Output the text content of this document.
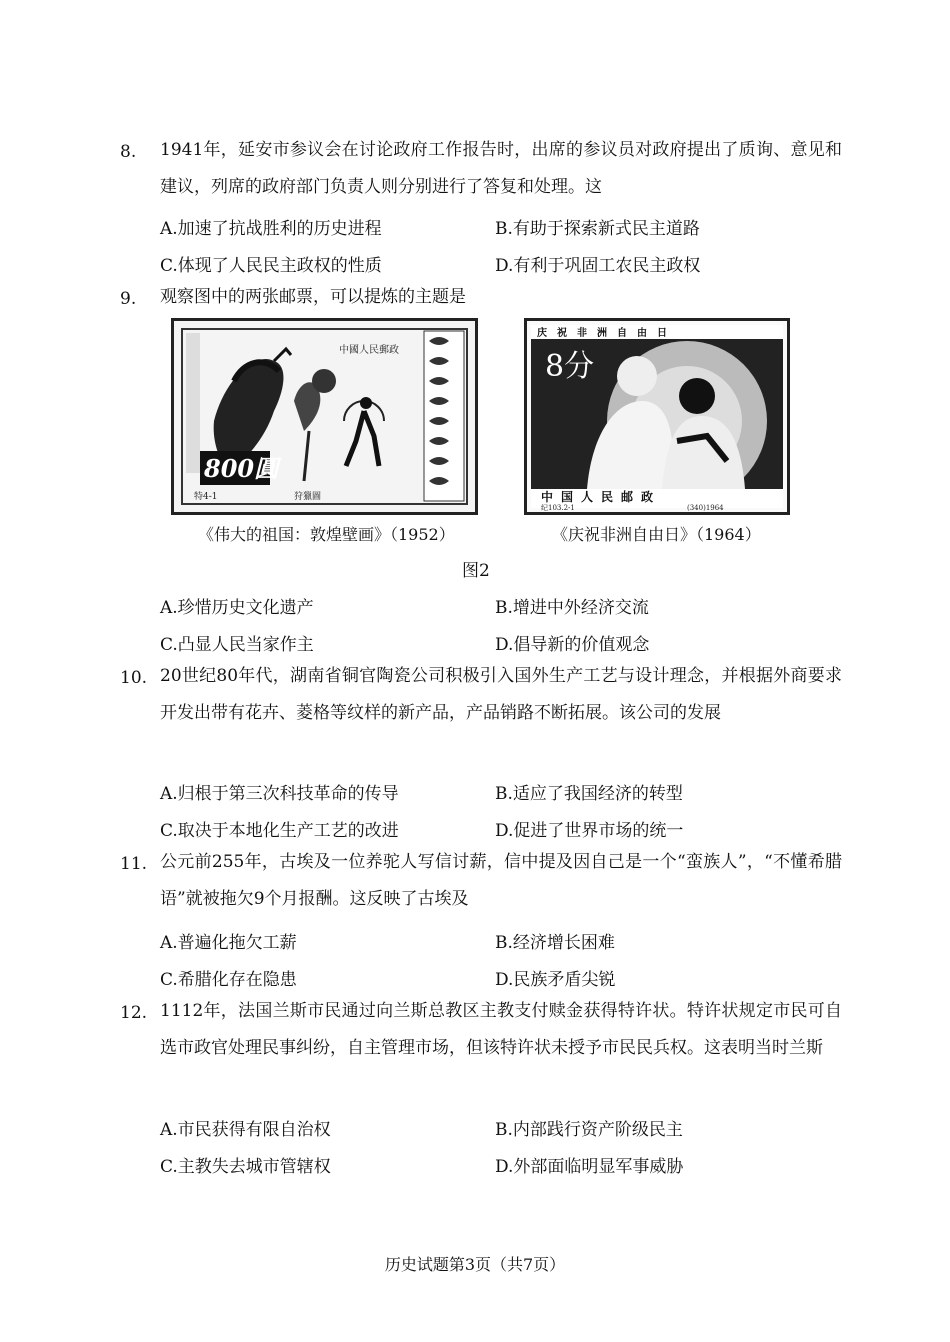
8. 1941年，延安市参议会在讨论政府工作报告时，出席的参议员对政府提出了质询、意见和建议，列席的政府部门负责人则分别进行了答复和处理。这
A.加速了抗战胜利的历史进程	B.有助于探索新式民主道路
C.体现了人民民主政权的性质	D.有利于巩固工农民主政权
9. 观察图中的两张邮票，可以提炼的主题是
中國人民郵政
800圓
特4-1	狩獵圖
庆祝非洲自由日
8分
中国人民邮政
纪103.2-1	(340)1964
《伟大的祖国：敦煌壁画》（1952）	《庆祝非洲自由日》（1964）
图2
A.珍惜历史文化遗产	B.增进中外经济交流
C.凸显人民当家作主	D.倡导新的价值观念
10. 20世纪80年代，湖南省铜官陶瓷公司积极引入国外生产工艺与设计理念，并根据外商要求开发出带有花卉、菱格等纹样的新产品，产品销路不断拓展。该公司的发展
A.归根于第三次科技革命的传导	B.适应了我国经济的转型
C.取决于本地化生产工艺的改进	D.促进了世界市场的统一
11. 公元前255年，古埃及一位养驼人写信讨薪，信中提及因自己是一个“蛮族人”，“不懂希腊语”就被拖欠9个月报酬。这反映了古埃及
A.普遍化拖欠工薪	B.经济增长困难
C.希腊化存在隐患	D.民族矛盾尖锐
12. 1112年，法国兰斯市民通过向兰斯总教区主教支付赎金获得特许状。特许状规定市民可自选市政官处理民事纠纷，自主管理市场，但该特许状未授予市民民兵权。这表明当时兰斯
A.市民获得有限自治权	B.内部践行资产阶级民主
C.主教失去城市管辖权	D.外部面临明显军事威胁
历史试题第3页（共7页）
